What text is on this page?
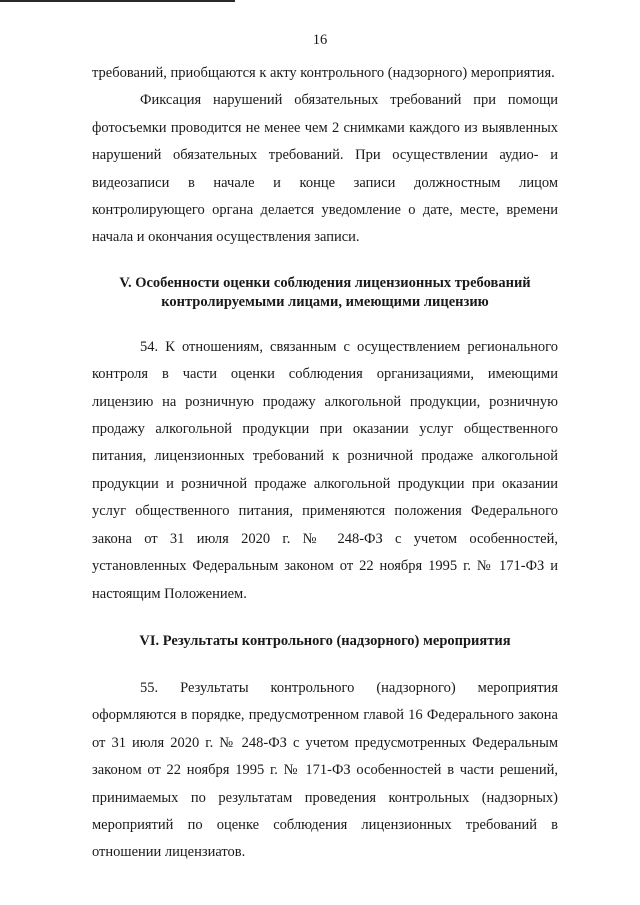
16

требований, приобщаются к акту контрольного (надзорного) мероприятия.

Фиксация нарушений обязательных требований при помощи фотосъемки проводится не менее чем 2 снимками каждого из выявленных нарушений обязательных требований. При осуществлении аудио- и видеозаписи в начале и конце записи должностным лицом контролирующего органа делается уведомление о дате, месте, времени начала и окончания осуществления записи.

V. Особенности оценки соблюдения лицензионных требований
контролируемыми лицами, имеющими лицензию

54. К отношениям, связанным с осуществлением регионального контроля в части оценки соблюдения организациями, имеющими лицензию на розничную продажу алкогольной продукции, розничную продажу алкогольной продукции при оказании услуг общественного питания, лицензионных требований к розничной продаже алкогольной продукции и розничной продаже алкогольной продукции при оказании услуг общественного питания, применяются положения Федерального закона от 31 июля 2020 г. № 248-ФЗ с учетом особенностей, установленных Федеральным законом от 22 ноября 1995 г. № 171-ФЗ и настоящим Положением.

VI. Результаты контрольного (надзорного) мероприятия

55. Результаты контрольного (надзорного) мероприятия оформляются в порядке, предусмотренном главой 16 Федерального закона от 31 июля 2020 г. № 248-ФЗ с учетом предусмотренных Федеральным законом от 22 ноября 1995 г. № 171-ФЗ особенностей в части решений, принимаемых по результатам проведения контрольных (надзорных) мероприятий по оценке соблюдения лицензионных требований в отношении лицензиатов.
